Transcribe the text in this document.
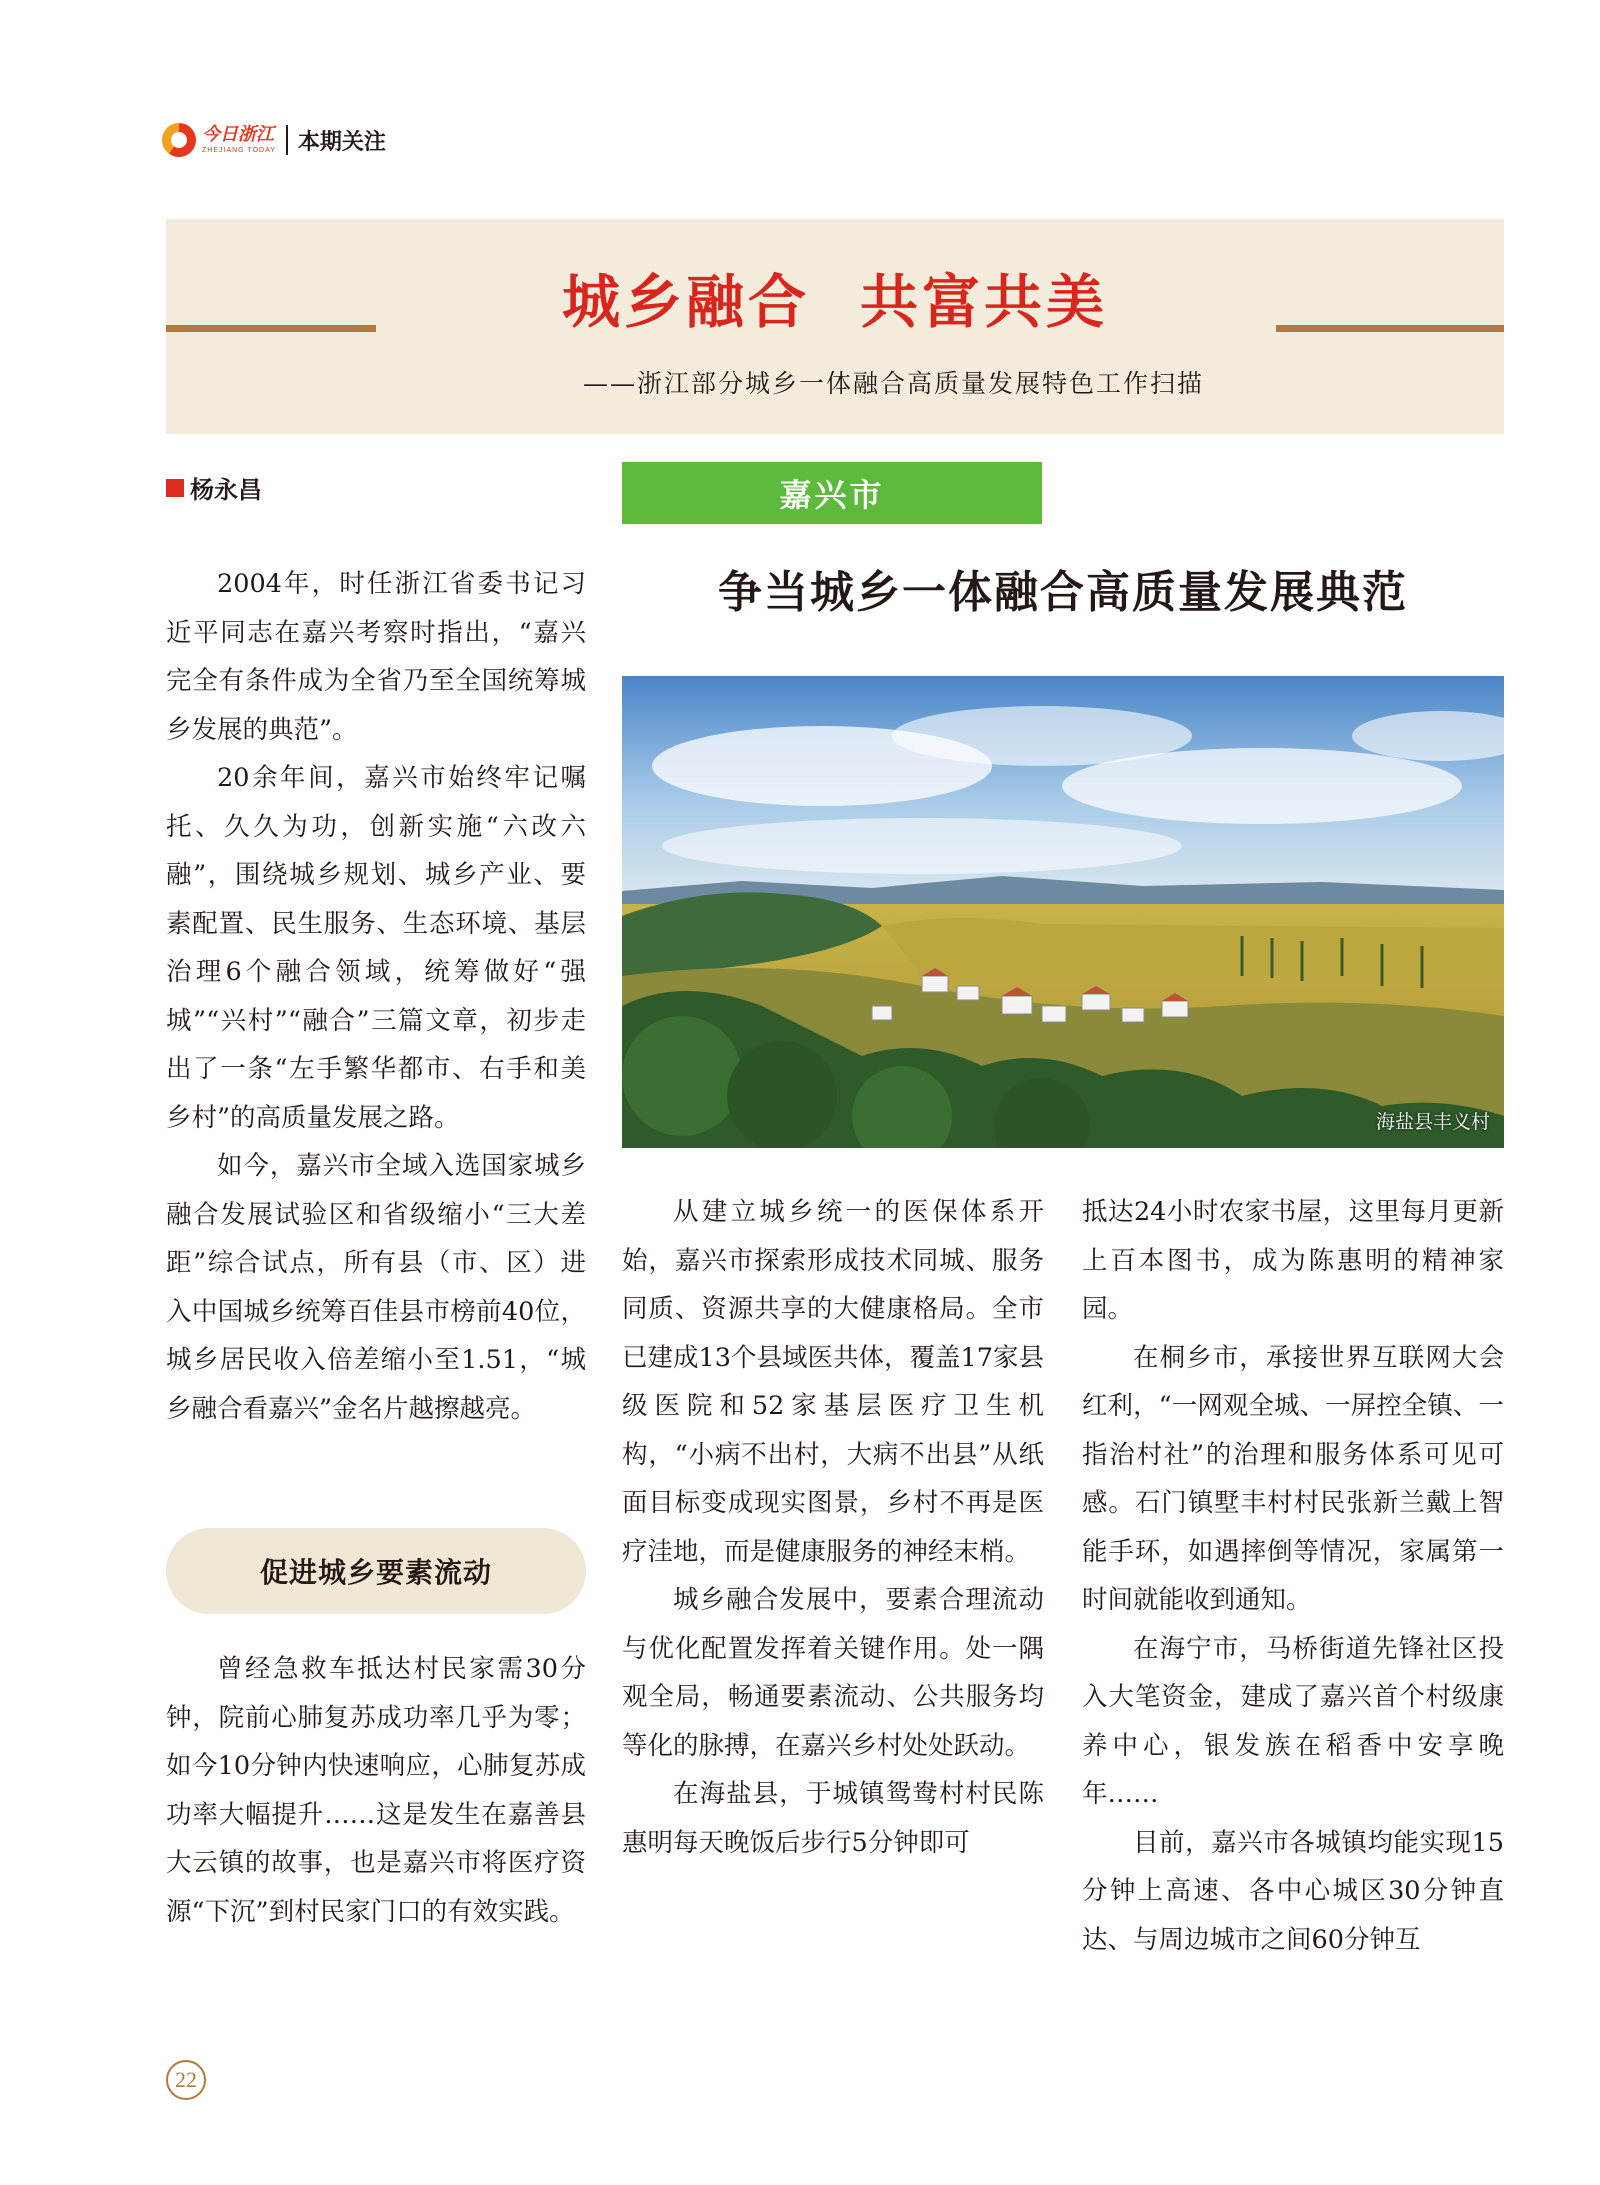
今日浙江
ZHEJIANG TODAY 本期关注
城乡融合 共富共美
——浙江部分城乡一体融合高质量发展特色工作扫描
杨永昌	嘉兴市
争当城乡一体融合高质量发展典范
海盐县丰义村

2004年，时任浙江省委书记习近平同志在嘉兴考察时指出，“嘉兴完全有条件成为全省乃至全国统筹城乡发展的典范”。

20余年间，嘉兴市始终牢记嘱托、久久为功，创新实施“六改六融”，围绕城乡规划、城乡产业、要素配置、民生服务、生态环境、基层治理6个融合领域，统筹做好“强城”“兴村”“融合”三篇文章，初步走出了一条“左手繁华都市、右手和美乡村”的高质量发展之路。

如今，嘉兴市全域入选国家城乡融合发展试验区和省级缩小“三大差距”综合试点，所有县（市、区）进入中国城乡统筹百佳县市榜前40位，城乡居民收入倍差缩小至1.51，“城乡融合看嘉兴”金名片越擦越亮。

促进城乡要素流动

曾经急救车抵达村民家需30分钟，院前心肺复苏成功率几乎为零；如今10分钟内快速响应，心肺复苏成功率大幅提升……这是发生在嘉善县大云镇的故事，也是嘉兴市将医疗资源“下沉”到村民家门口的有效实践。

从建立城乡统一的医保体系开始，嘉兴市探索形成技术同城、服务同质、资源共享的大健康格局。全市已建成13个县域医共体，覆盖17家县级医院和52家基层医疗卫生机构，“小病不出村，大病不出县”从纸面目标变成现实图景，乡村不再是医疗洼地，而是健康服务的神经末梢。

城乡融合发展中，要素合理流动与优化配置发挥着关键作用。处一隅观全局，畅通要素流动、公共服务均等化的脉搏，在嘉兴乡村处处跃动。

在海盐县，于城镇鸳鸯村村民陈惠明每天晚饭后步行5分钟即可

抵达24小时农家书屋，这里每月更新上百本图书，成为陈惠明的精神家园。

在桐乡市，承接世界互联网大会红利，“一网观全城、一屏控全镇、一指治村社”的治理和服务体系可见可感。石门镇墅丰村村民张新兰戴上智能手环，如遇摔倒等情况，家属第一时间就能收到通知。

在海宁市，马桥街道先锋社区投入大笔资金，建成了嘉兴首个村级康养中心，银发族在稻香中安享晚年……

目前，嘉兴市各城镇均能实现15分钟上高速、各中心城区30分钟直达、与周边城市之间60分钟互

22
